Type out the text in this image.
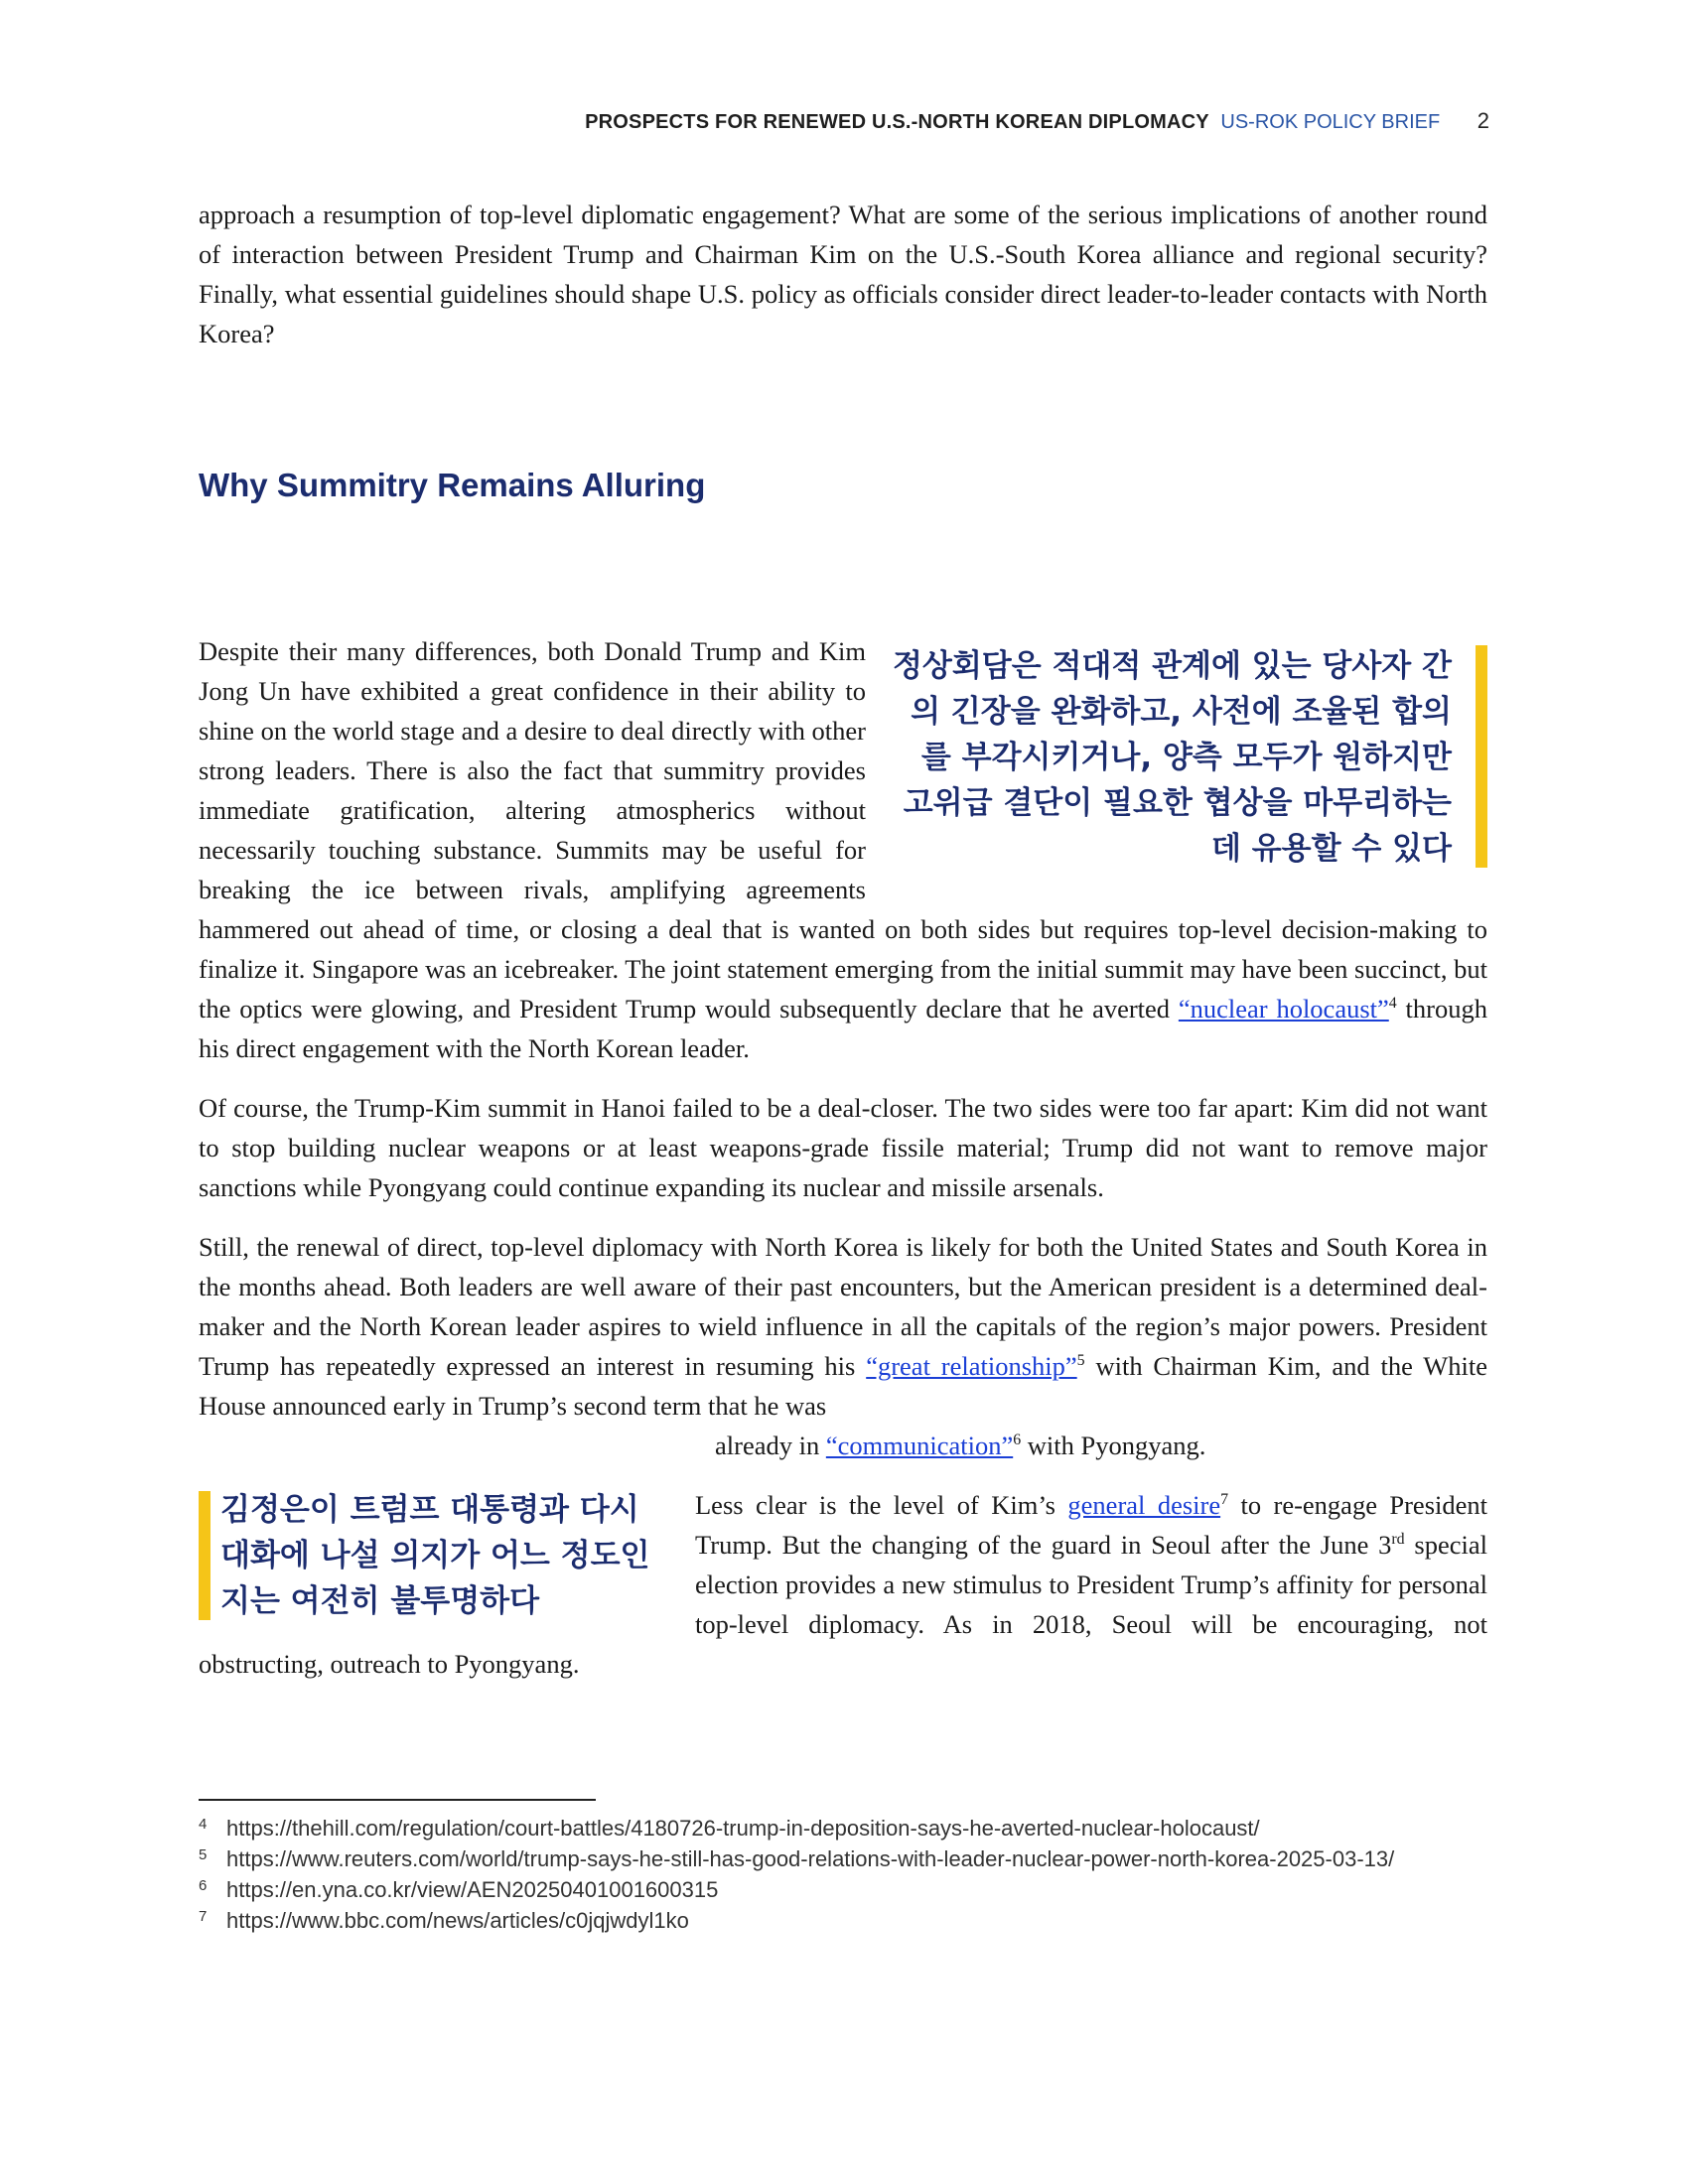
PROSPECTS FOR RENEWED U.S.-NORTH KOREAN DIPLOMACY US-ROK POLICY BRIEF 2

approach a resumption of top-level diplomatic engagement? What are some of the serious implications of another round of interaction between President Trump and Chairman Kim on the U.S.-South Korea alliance and regional security? Finally, what essential guidelines should shape U.S. policy as officials consider direct leader-to-leader contacts with North Korea?

Why Summitry Remains Alluring

정상회담은 적대적 관계에 있는 당사자 간의 긴장을 완화하고, 사전에 조율된 합의를 부각시키거나, 양측 모두가 원하지만 고위급 결단이 필요한 협상을 마무리하는 데 유용할 수 있다
Despite their many differences, both Donald Trump and Kim Jong Un have exhibited a great confidence in their ability to shine on the world stage and a desire to deal directly with other strong leaders. There is also the fact that summitry provides immediate gratification, altering atmospherics without necessarily touching substance. Summits may be useful for breaking the ice between rivals, amplifying agreements hammered out ahead of time, or closing a deal that is wanted on both sides but requires top-level decision-making to finalize it. Singapore was an icebreaker. The joint statement emerging from the initial summit may have been succinct, but the optics were glowing, and President Trump would subsequently declare that he averted “nuclear holocaust”$^4$ through his direct engagement with the North Korean leader.

Of course, the Trump-Kim summit in Hanoi failed to be a deal-closer. The two sides were too far apart: Kim did not want to stop building nuclear weapons or at least weapons-grade fissile material; Trump did not want to remove major sanctions while Pyongyang could continue expanding its nuclear and missile arsenals.

Still, the renewal of direct, top-level diplomacy with North Korea is likely for both the United States and South Korea in the months ahead. Both leaders are well aware of their past encounters, but the American president is a determined deal-maker and the North Korean leader aspires to wield influence in all the capitals of the region’s major powers. President Trump has repeatedly expressed an interest in resuming his “great relationship”$^5$ with Chairman Kim, and the White House announced early in Trump’s second term that he was

already in “communication”$^6$ with Pyongyang.

김정은이 트럼프 대통령과 다시 대화에 나설 의지가 어느 정도인지는 여전히 불투명하다
Less clear is the level of Kim’s general desire$^7$ to re-engage President Trump. But the changing of the guard in Seoul after the June 3rd special election provides a new stimulus to President Trump’s affinity for personal top-level diplomacy. As in 2018, Seoul will be encouraging, not obstructing, outreach to Pyongyang.

4 https://thehill.com/regulation/court-battles/4180726-trump-in-deposition-says-he-averted-nuclear-holocaust/
5 https://www.reuters.com/world/trump-says-he-still-has-good-relations-with-leader-nuclear-power-north-korea-2025-03-13/
6 https://en.yna.co.kr/view/AEN20250401001600315
7 https://www.bbc.com/news/articles/c0jqjwdyl1ko
